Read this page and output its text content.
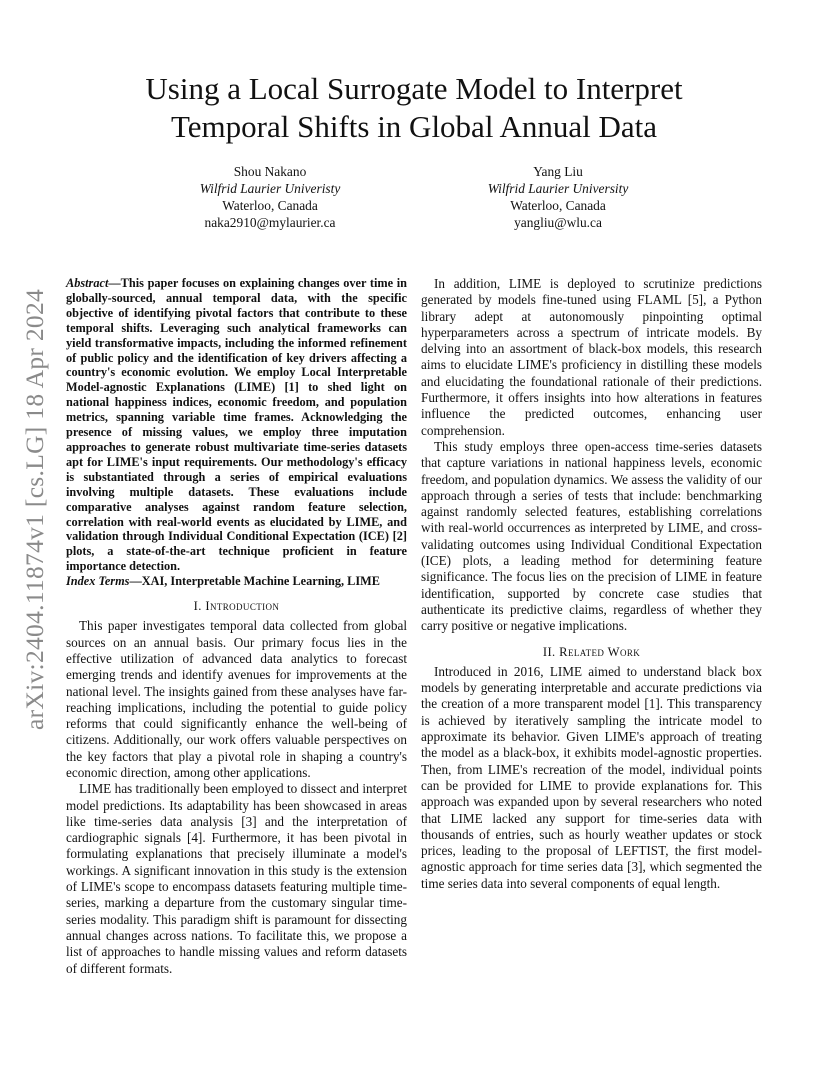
arXiv:2404.11874v1 [cs.LG] 18 Apr 2024
Using a Local Surrogate Model to Interpret
Temporal Shifts in Global Annual Data
Shou Nakano
Wilfrid Laurier Univeristy
Waterloo, Canada
naka2910@mylaurier.ca
Yang Liu
Wilfrid Laurier University
Waterloo, Canada
yangliu@wlu.ca

Abstract—This paper focuses on explaining changes over time in globally-sourced, annual temporal data, with the specific objective of identifying pivotal factors that contribute to these temporal shifts. Leveraging such analytical frameworks can yield transformative impacts, including the informed refinement of public policy and the identification of key drivers affecting a country's economic evolution. We employ Local Interpretable Model-agnostic Explanations (LIME) [1] to shed light on national happiness indices, economic freedom, and population metrics, spanning variable time frames. Acknowledging the presence of missing values, we employ three imputation approaches to generate robust multivariate time-series datasets apt for LIME's input requirements. Our methodology's efficacy is substantiated through a series of empirical evaluations involving multiple datasets. These evaluations include comparative analyses against random feature selection, correlation with real-world events as elucidated by LIME, and validation through Individual Conditional Expectation (ICE) [2] plots, a state-of-the-art technique proficient in feature importance detection.

Index Terms—XAI, Interpretable Machine Learning, LIME

I. Introduction

This paper investigates temporal data collected from global sources on an annual basis. Our primary focus lies in the effective utilization of advanced data analytics to forecast emerging trends and identify avenues for improvements at the national level. The insights gained from these analyses have far-reaching implications, including the potential to guide policy reforms that could significantly enhance the well-being of citizens. Additionally, our work offers valuable perspectives on the key factors that play a pivotal role in shaping a country's economic direction, among other applications.

LIME has traditionally been employed to dissect and interpret model predictions. Its adaptability has been showcased in areas like time-series data analysis [3] and the interpretation of cardiographic signals [4]. Furthermore, it has been pivotal in formulating explanations that precisely illuminate a model's workings. A significant innovation in this study is the extension of LIME's scope to encompass datasets featuring multiple time-series, marking a departure from the customary singular time-series modality. This paradigm shift is paramount for dissecting annual changes across nations. To facilitate this, we propose a list of approaches to handle missing values and reform datasets of different formats.

In addition, LIME is deployed to scrutinize predictions generated by models fine-tuned using FLAML [5], a Python library adept at autonomously pinpointing optimal hyperparameters across a spectrum of intricate models. By delving into an assortment of black-box models, this research aims to elucidate LIME's proficiency in distilling these models and elucidating the foundational rationale of their predictions. Furthermore, it offers insights into how alterations in features influence the predicted outcomes, enhancing user comprehension.

This study employs three open-access time-series datasets that capture variations in national happiness levels, economic freedom, and population dynamics. We assess the validity of our approach through a series of tests that include: benchmarking against randomly selected features, establishing correlations with real-world occurrences as interpreted by LIME, and cross-validating outcomes using Individual Conditional Expectation (ICE) plots, a leading method for determining feature significance. The focus lies on the precision of LIME in feature identification, supported by concrete case studies that authenticate its predictive claims, regardless of whether they carry positive or negative implications.

II. Related Work

Introduced in 2016, LIME aimed to understand black box models by generating interpretable and accurate predictions via the creation of a more transparent model [1]. This transparency is achieved by iteratively sampling the intricate model to approximate its behavior. Given LIME's approach of treating the model as a black-box, it exhibits model-agnostic properties. Then, from LIME's recreation of the model, individual points can be provided for LIME to provide explanations for. This approach was expanded upon by several researchers who noted that LIME lacked any support for time-series data with thousands of entries, such as hourly weather updates or stock prices, leading to the proposal of LEFTIST, the first model-agnostic approach for time series data [3], which segmented the time series data into several components of equal length.
